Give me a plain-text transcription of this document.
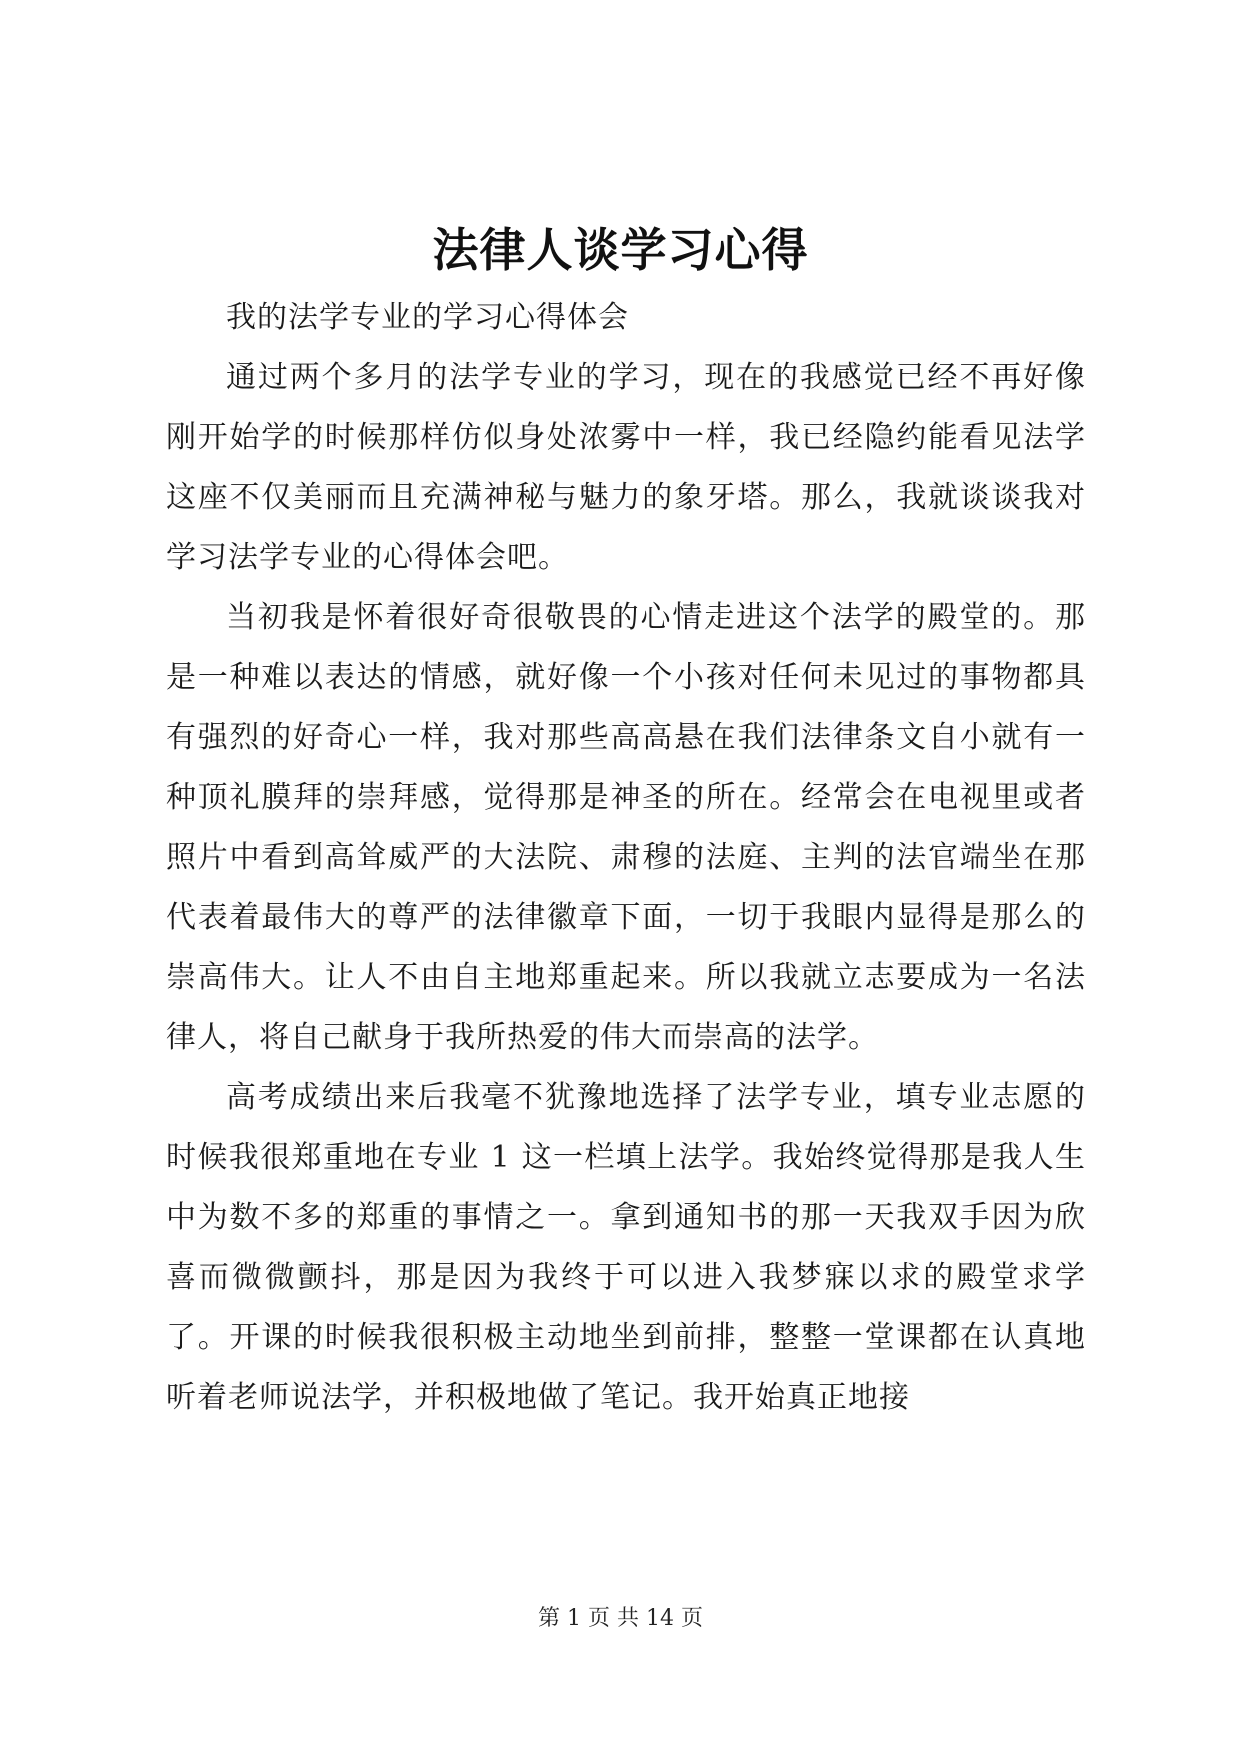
法律人谈学习心得

我的法学专业的学习心得体会

通过两个多月的法学专业的学习，现在的我感觉已经不再好像刚开始学的时候那样仿似身处浓雾中一样，我已经隐约能看见法学这座不仅美丽而且充满神秘与魅力的象牙塔。那么，我就谈谈我对学习法学专业的心得体会吧。

当初我是怀着很好奇很敬畏的心情走进这个法学的殿堂的。那是一种难以表达的情感，就好像一个小孩对任何未见过的事物都具有强烈的好奇心一样，我对那些高高悬在我们法律条文自小就有一种顶礼膜拜的崇拜感，觉得那是神圣的所在。经常会在电视里或者照片中看到高耸威严的大法院、肃穆的法庭、主判的法官端坐在那代表着最伟大的尊严的法律徽章下面，一切于我眼内显得是那么的崇高伟大。让人不由自主地郑重起来。所以我就立志要成为一名法律人，将自己献身于我所热爱的伟大而崇高的法学。

高考成绩出来后我毫不犹豫地选择了法学专业，填专业志愿的时候我很郑重地在专业 1 这一栏填上法学。我始终觉得那是我人生中为数不多的郑重的事情之一。拿到通知书的那一天我双手因为欣喜而微微颤抖，那是因为我终于可以进入我梦寐以求的殿堂求学了。开课的时候我很积极主动地坐到前排，整整一堂课都在认真地听着老师说法学，并积极地做了笔记。我开始真正地接

第 1 页 共 14 页
